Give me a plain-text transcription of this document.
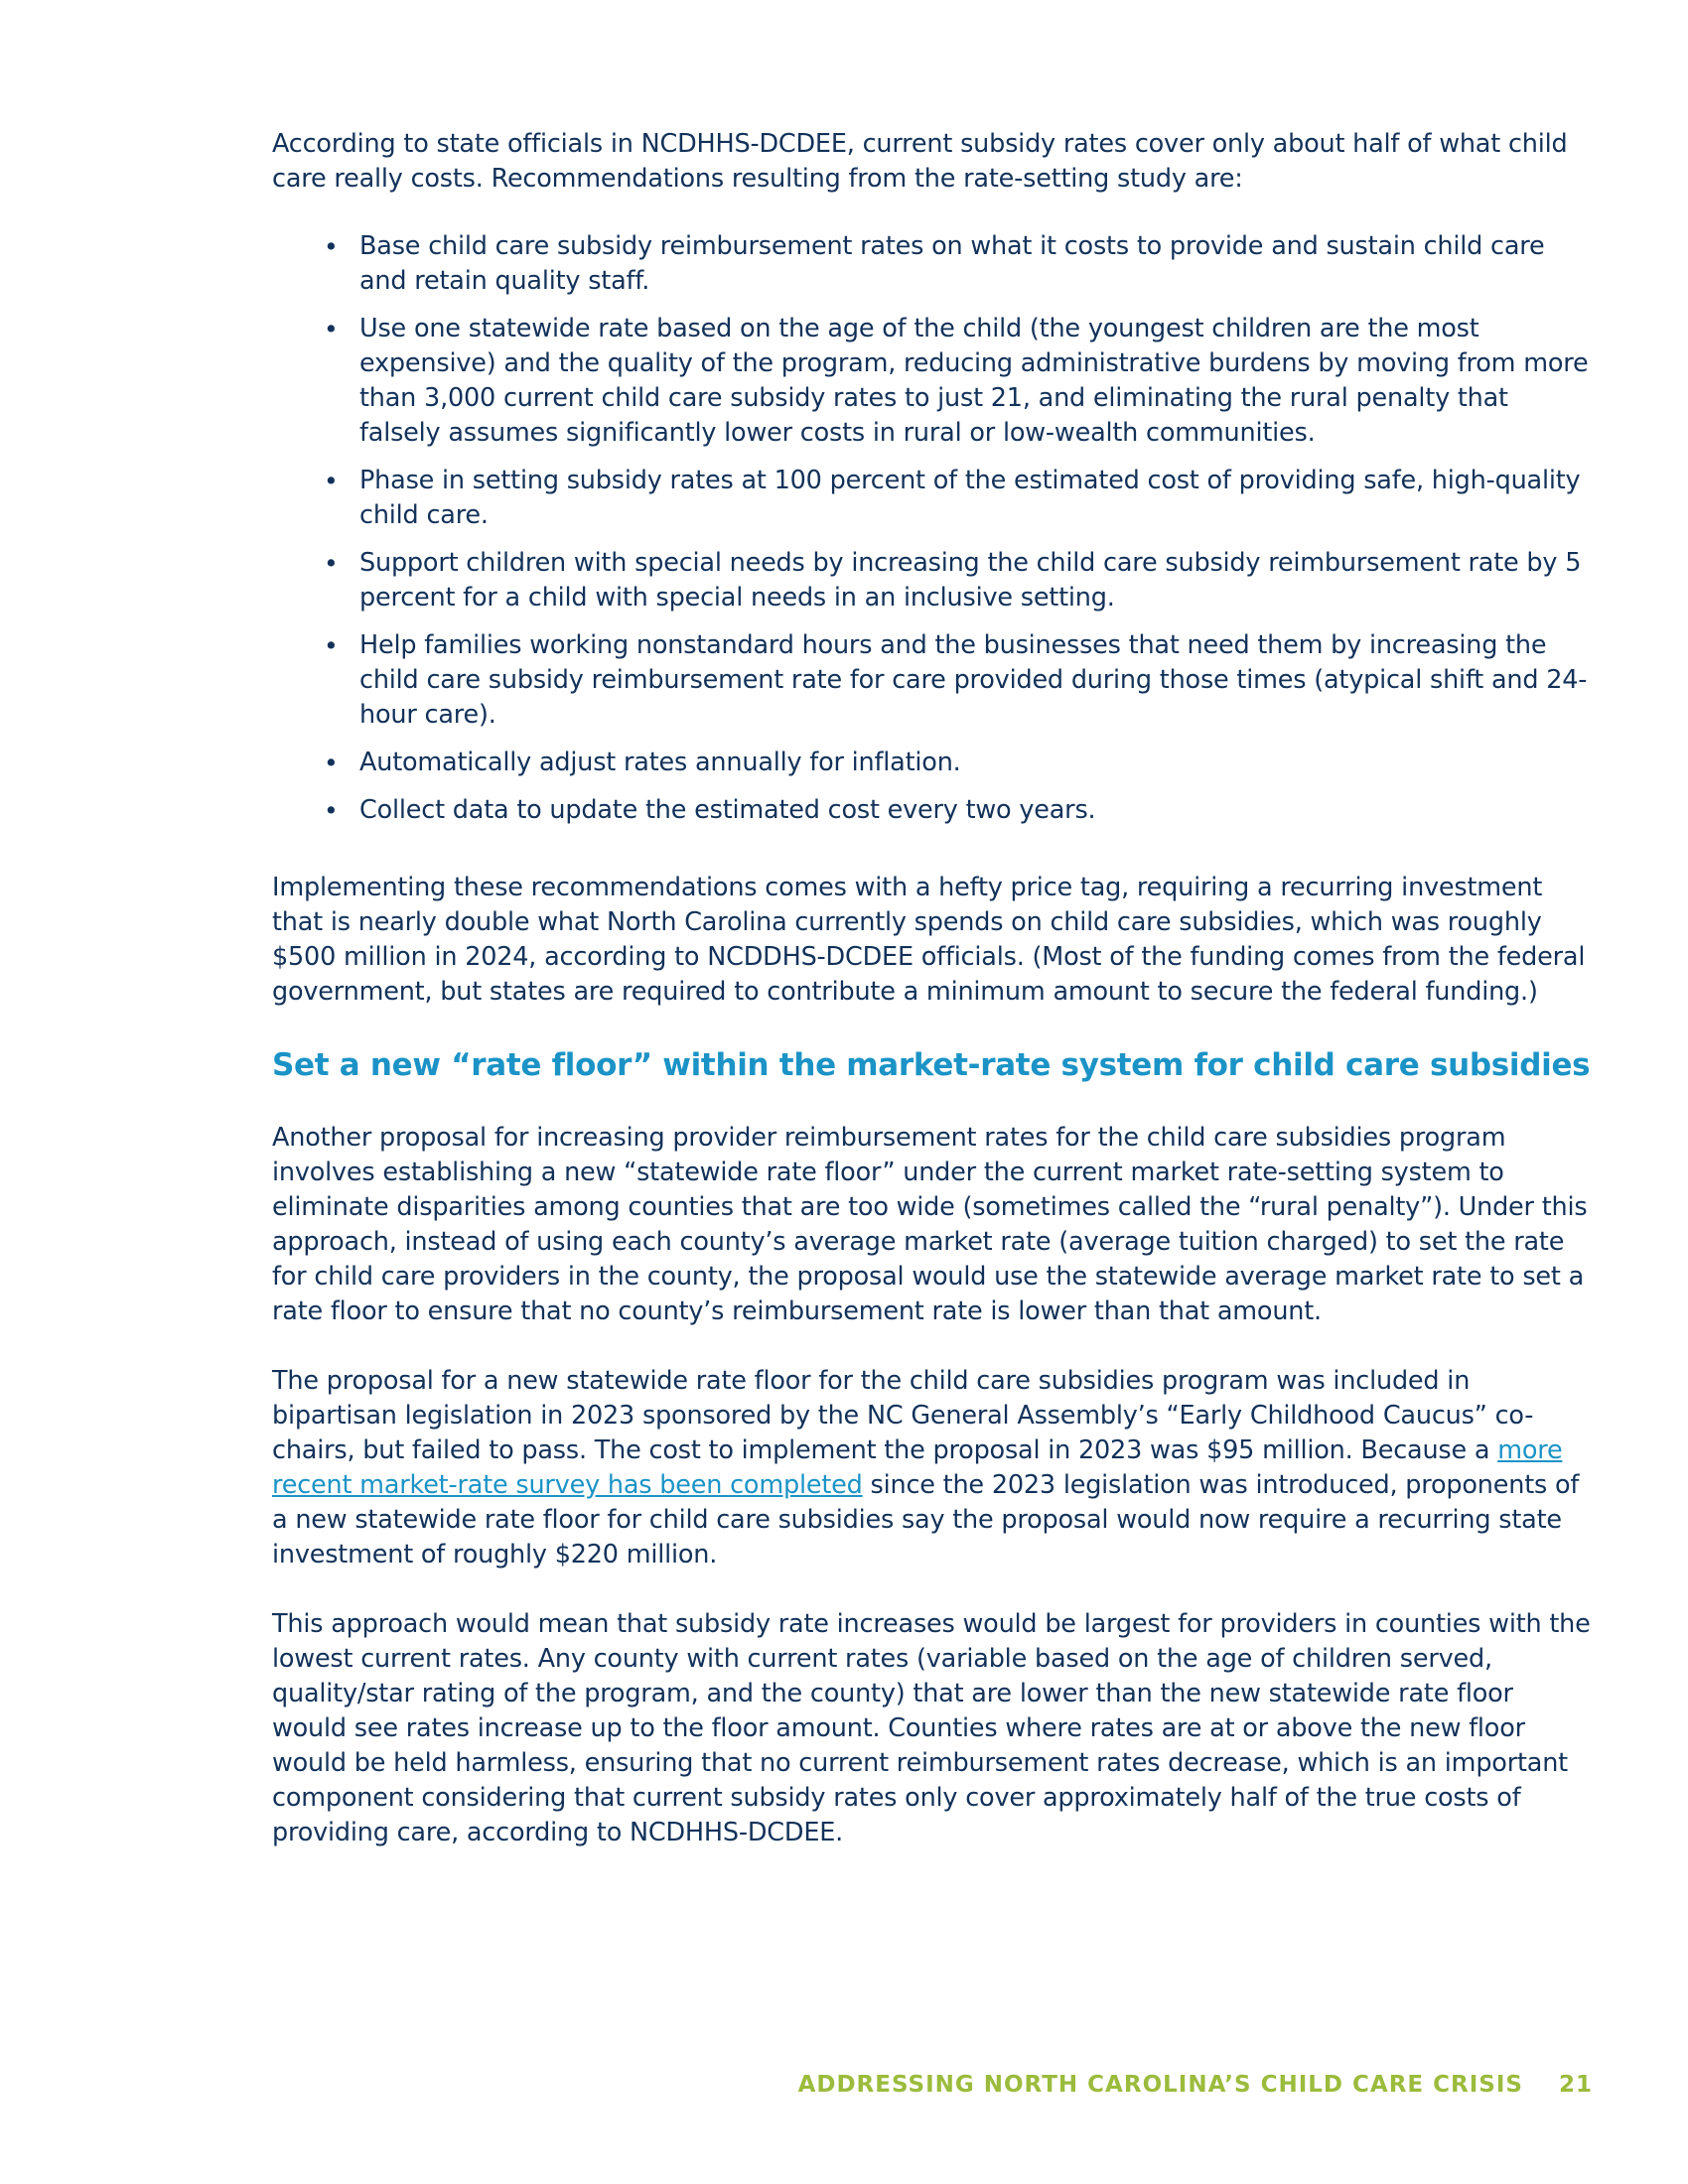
According to state officials in NCDHHS-DCDEE, current subsidy rates cover only about half of what child care really costs. Recommendations resulting from the rate-setting study are:

• Base child care subsidy reimbursement rates on what it costs to provide and sustain child care and retain quality staff.
• Use one statewide rate based on the age of the child (the youngest children are the most expensive) and the quality of the program, reducing administrative burdens by moving from more than 3,000 current child care subsidy rates to just 21, and eliminating the rural penalty that falsely assumes significantly lower costs in rural or low-wealth communities.
• Phase in setting subsidy rates at 100 percent of the estimated cost of providing safe, high-quality child care.
• Support children with special needs by increasing the child care subsidy reimbursement rate by 5 percent for a child with special needs in an inclusive setting.
• Help families working nonstandard hours and the businesses that need them by increasing the child care subsidy reimbursement rate for care provided during those times (atypical shift and 24-hour care).
• Automatically adjust rates annually for inflation.
• Collect data to update the estimated cost every two years.

Implementing these recommendations comes with a hefty price tag, requiring a recurring investment that is nearly double what North Carolina currently spends on child care subsidies, which was roughly $500 million in 2024, according to NCDDHS-DCDEE officials. (Most of the funding comes from the federal government, but states are required to contribute a minimum amount to secure the federal funding.)

Set a new “rate floor” within the market-rate system for child care subsidies

Another proposal for increasing provider reimbursement rates for the child care subsidies program involves establishing a new “statewide rate floor” under the current market rate-setting system to eliminate disparities among counties that are too wide (sometimes called the “rural penalty”). Under this approach, instead of using each county’s average market rate (average tuition charged) to set the rate for child care providers in the county, the proposal would use the statewide average market rate to set a rate floor to ensure that no county’s reimbursement rate is lower than that amount.

The proposal for a new statewide rate floor for the child care subsidies program was included in bipartisan legislation in 2023 sponsored by the NC General Assembly’s “Early Childhood Caucus” co-chairs, but failed to pass. The cost to implement the proposal in 2023 was $95 million. Because a more recent market-rate survey has been completed since the 2023 legislation was introduced, proponents of a new statewide rate floor for child care subsidies say the proposal would now require a recurring state investment of roughly $220 million.

This approach would mean that subsidy rate increases would be largest for providers in counties with the lowest current rates. Any county with current rates (variable based on the age of children served, quality/star rating of the program, and the county) that are lower than the new statewide rate floor would see rates increase up to the floor amount. Counties where rates are at or above the new floor would be held harmless, ensuring that no current reimbursement rates decrease, which is an important component considering that current subsidy rates only cover approximately half of the true costs of providing care, according to NCDHHS-DCDEE.

ADDRESSING NORTH CAROLINA’S CHILD CARE CRISIS 21
